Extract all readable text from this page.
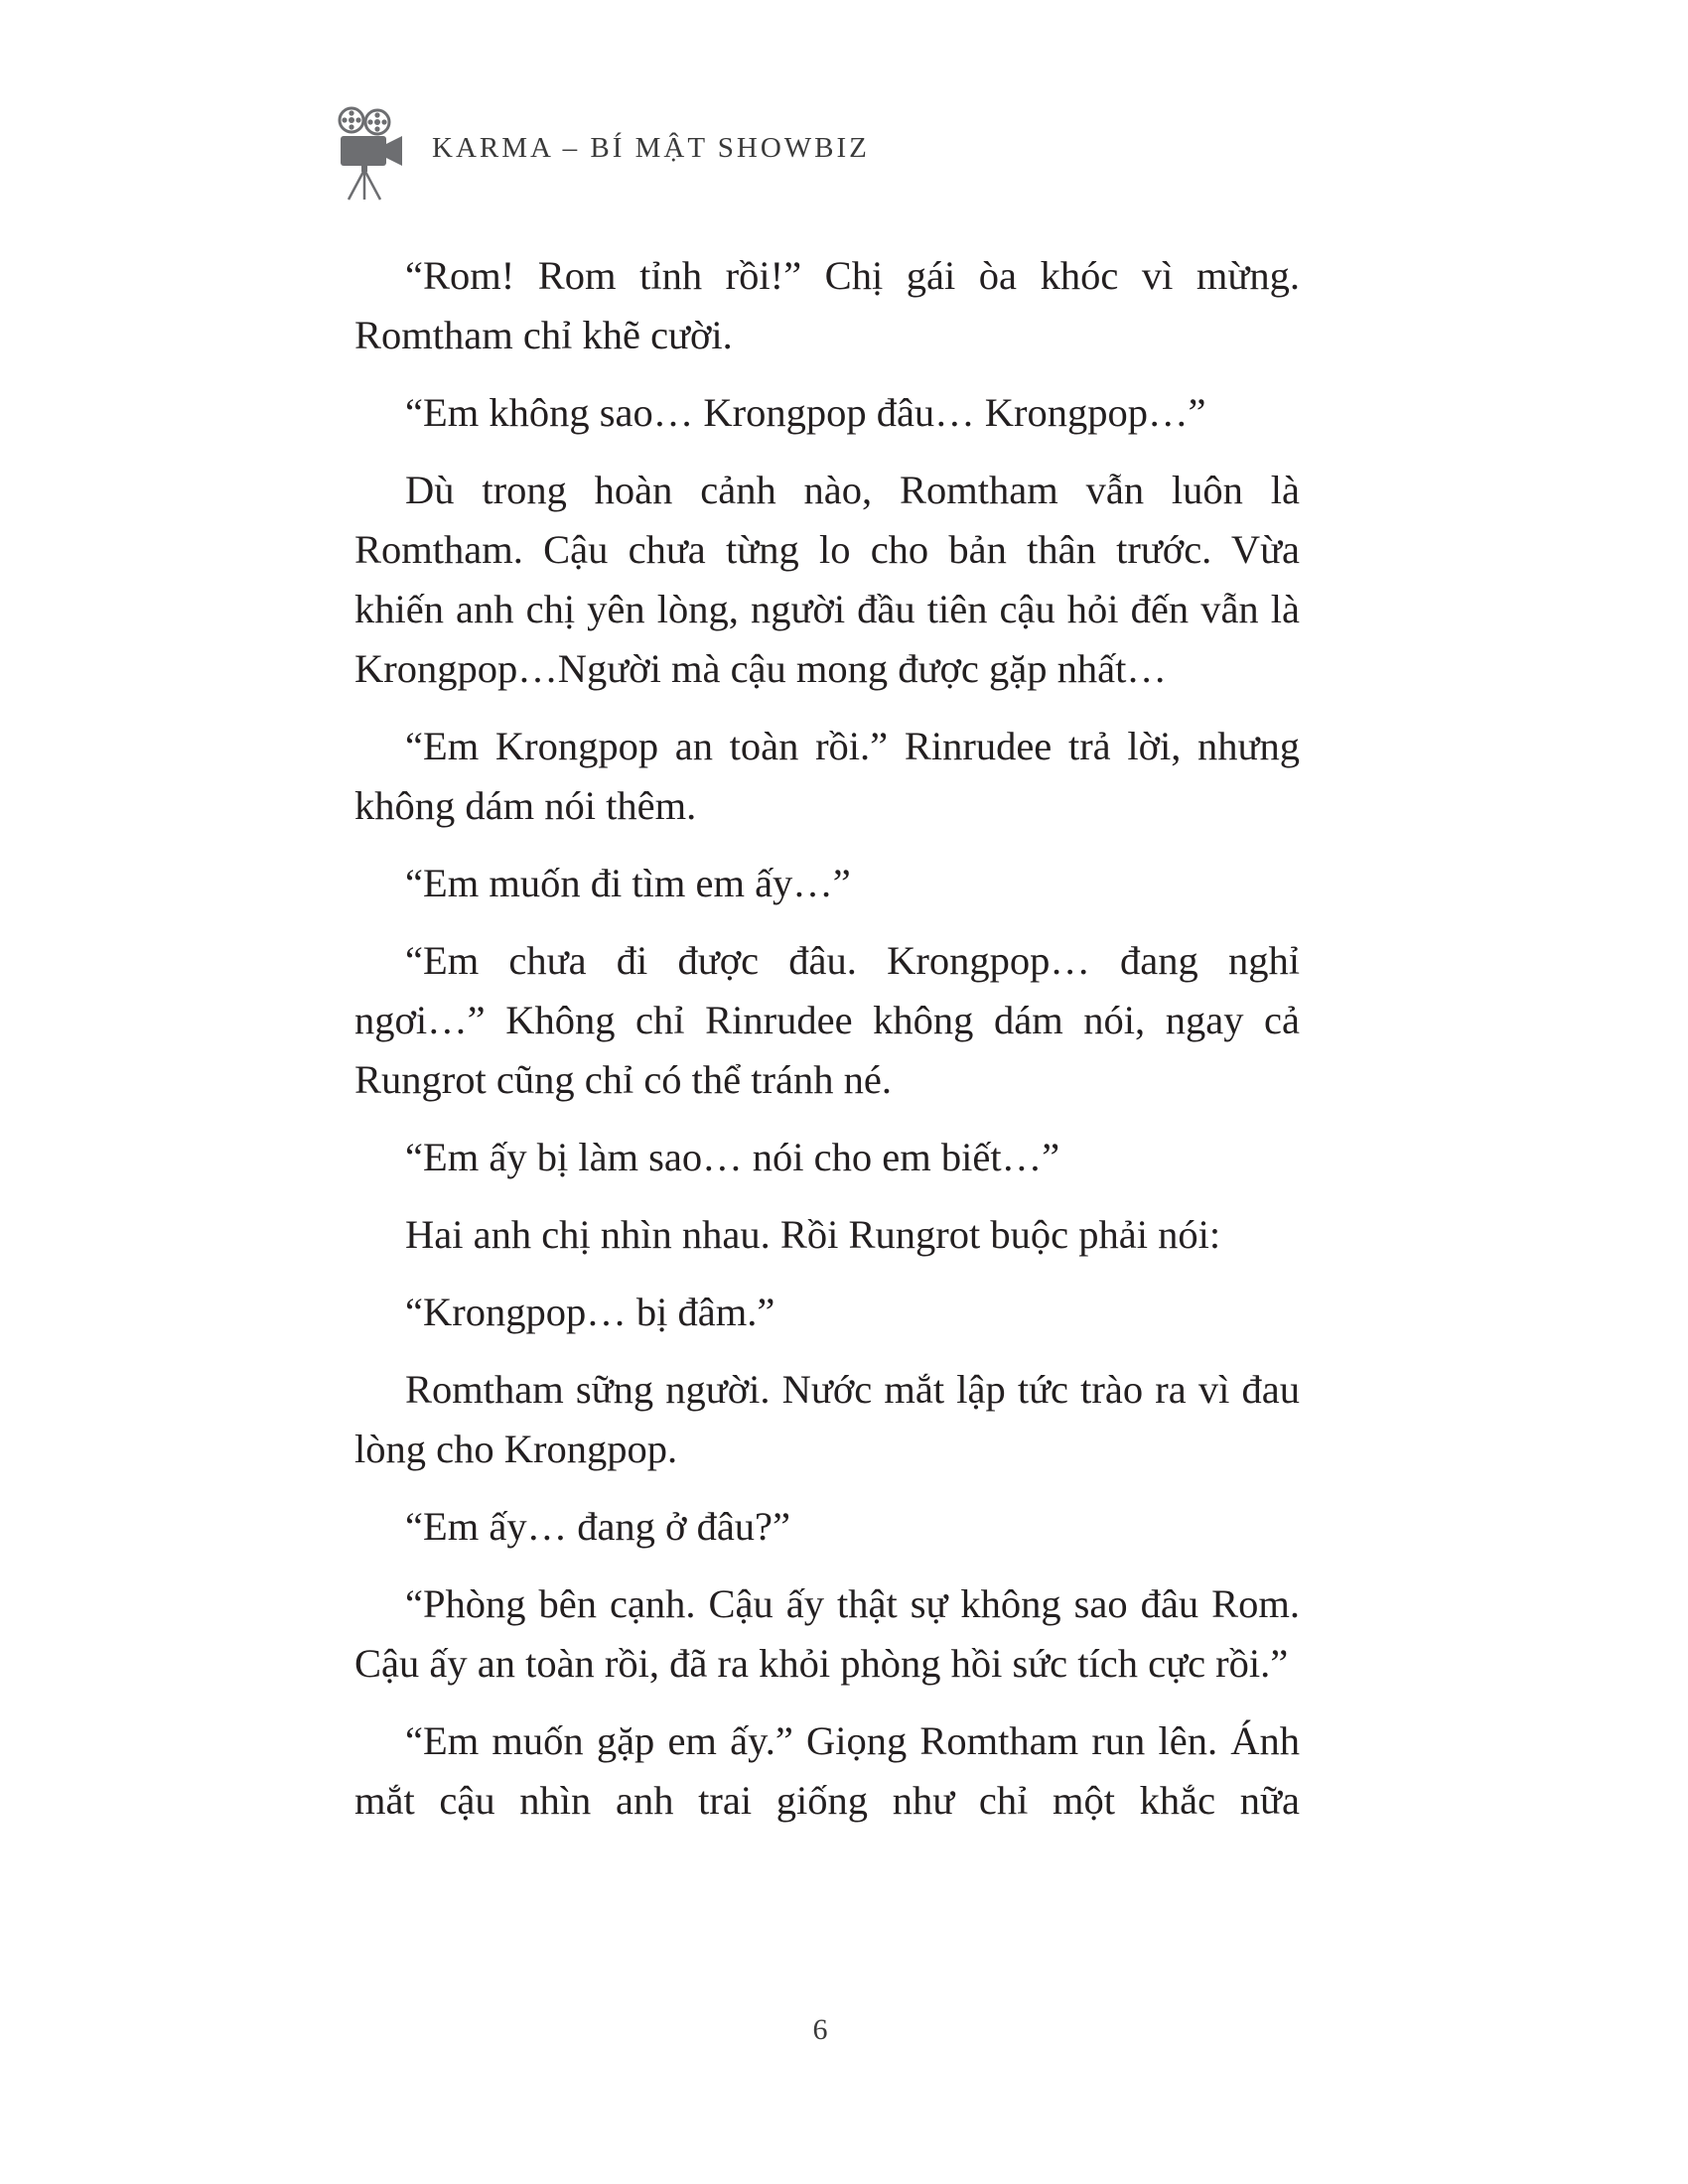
KARMA – BÍ MẬT SHOWBIZ

“Rom! Rom tỉnh rồi!” Chị gái òa khóc vì mừng. Romtham chỉ khẽ cười.

“Em không sao… Krongpop đâu… Krongpop…”

Dù trong hoàn cảnh nào, Romtham vẫn luôn là Romtham. Cậu chưa từng lo cho bản thân trước. Vừa khiến anh chị yên lòng, người đầu tiên cậu hỏi đến vẫn là Krongpop…Người mà cậu mong được gặp nhất…

“Em Krongpop an toàn rồi.” Rinrudee trả lời, nhưng không dám nói thêm.

“Em muốn đi tìm em ấy…”

“Em chưa đi được đâu. Krongpop… đang nghỉ ngơi…” Không chỉ Rinrudee không dám nói, ngay cả Rungrot cũng chỉ có thể tránh né.

“Em ấy bị làm sao… nói cho em biết…”

Hai anh chị nhìn nhau. Rồi Rungrot buộc phải nói:

“Krongpop… bị đâm.”

Romtham sững người. Nước mắt lập tức trào ra vì đau lòng cho Krongpop.

“Em ấy… đang ở đâu?”

“Phòng bên cạnh. Cậu ấy thật sự không sao đâu Rom. Cậu ấy an toàn rồi, đã ra khỏi phòng hồi sức tích cực rồi.”

“Em muốn gặp em ấy.” Giọng Romtham run lên. Ánh mắt cậu nhìn anh trai giống như chỉ một khắc nữa

6
